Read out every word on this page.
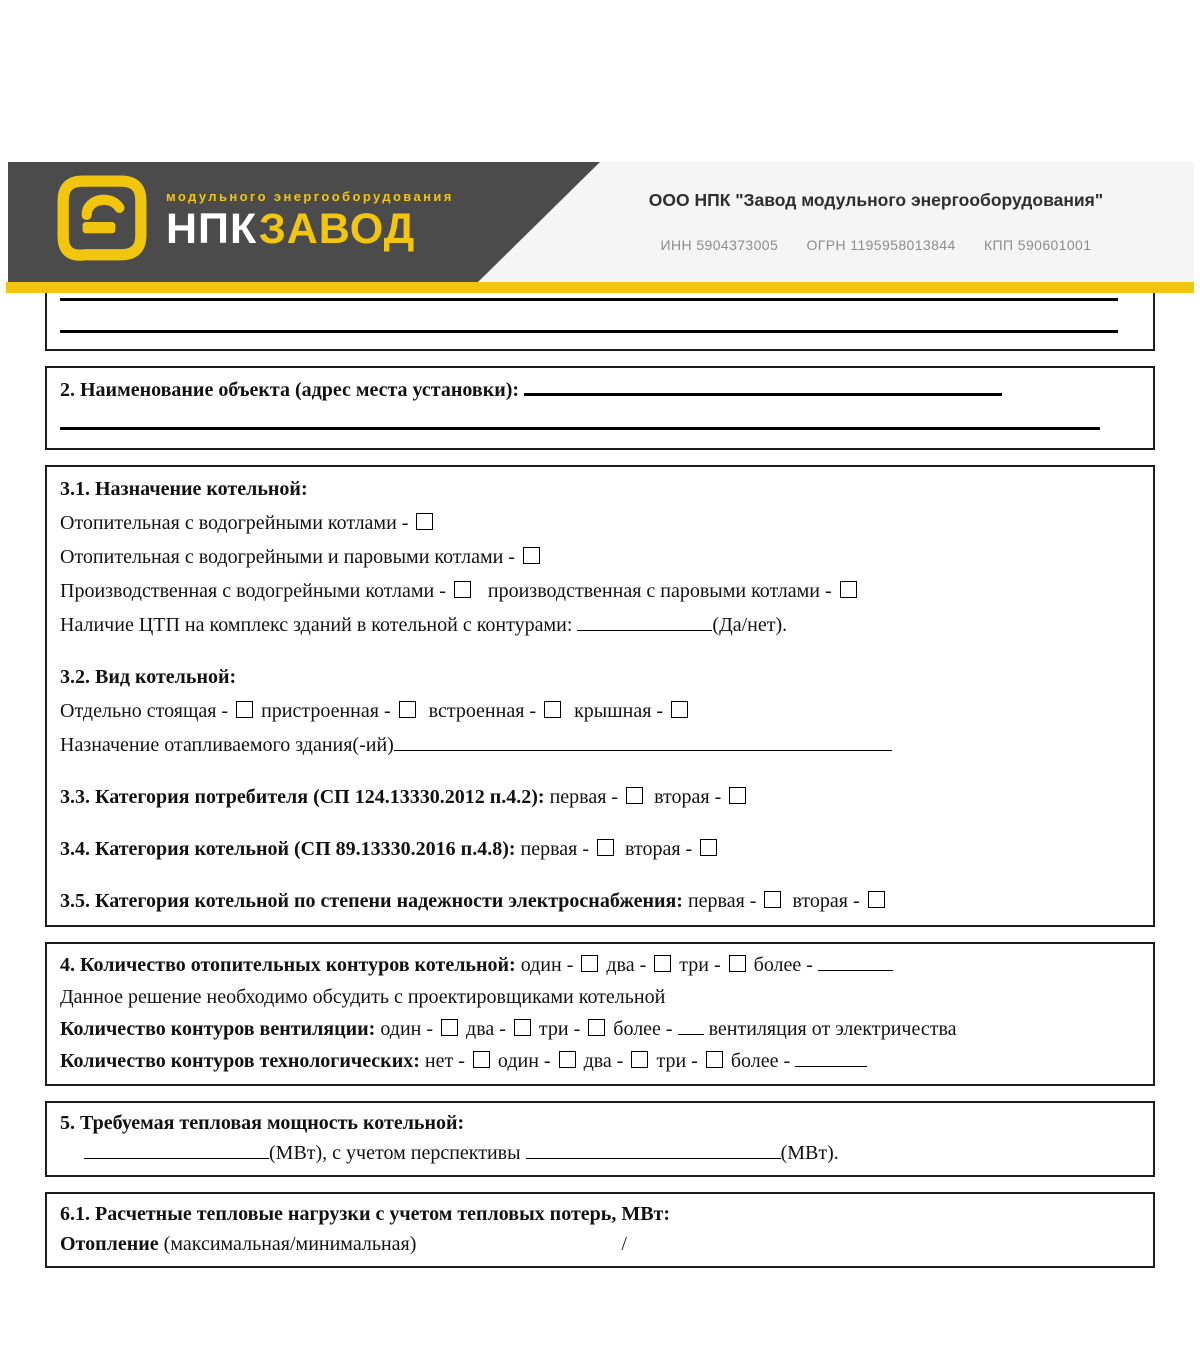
модульного энергооборудования
НПКЗАВОД
ООО НПК "Завод модульного энергооборудования"
ИНН 5904373005 ОГРН 1195958013844 КПП 590601001
2. Наименование объекта (адрес места установки):
3.1. Назначение котельной:
Отопительная с водогрейными котлами -
Отопительная с водогрейными и паровыми котлами -
Производственная с водогрейными котлами - производственная с паровыми котлами -
Наличие ЦТП на комплекс зданий в котельной с контурами:	(Да/нет).
3.2. Вид котельной:
Отдельно стоящая -  пристроенная - встроенная - крышная -
Назначение отапливаемого здания(-ий)
3.3. Категория потребителя (СП 124.13330.2012 п.4.2): первая - вторая -
3.4. Категория котельной (СП 89.13330.2016 п.4.8): первая - вторая -
3.5. Категория котельной по степени надежности электроснабжения: первая - вторая -
4. Количество отопительных контуров котельной: один -  два -  три -  более -
Данное решение необходимо обсудить с проектировщиками котельной
Количество контуров вентиляции: один -  два -  три -  более -  вентиляция от электричества
Количество контуров технологических: нет -  один -  два -  три -  более -
5. Требуемая тепловая мощность котельной:
(МВт), с учетом перспективы	(МВт).
6.1. Расчетные тепловые нагрузки с учетом тепловых потерь, МВт:
Отопление (максимальная/минимальная)	/
